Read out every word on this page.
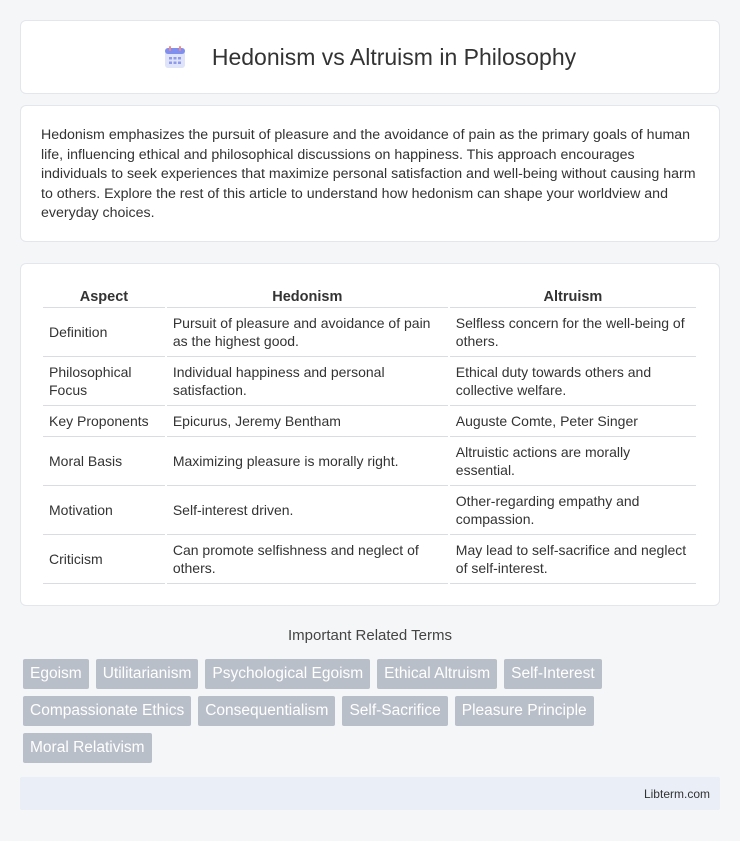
Hedonism vs Altruism in Philosophy

Hedonism emphasizes the pursuit of pleasure and the avoidance of pain as the primary goals of human life, influencing ethical and philosophical discussions on happiness. This approach encourages individuals to seek experiences that maximize personal satisfaction and well-being without causing harm to others. Explore the rest of this article to understand how hedonism can shape your worldview and everyday choices.

Aspect	Hedonism	Altruism
Definition	Pursuit of pleasure and avoidance of pain as the highest good.	Selfless concern for the well-being of others.
Philosophical Focus	Individual happiness and personal satisfaction.	Ethical duty towards others and collective welfare.
Key Proponents	Epicurus, Jeremy Bentham	Auguste Comte, Peter Singer
Moral Basis	Maximizing pleasure is morally right.	Altruistic actions are morally essential.
Motivation	Self-interest driven.	Other-regarding empathy and compassion.
Criticism	Can promote selfishness and neglect of others.	May lead to self-sacrifice and neglect of self-interest.
Important Related Terms
Egoism	Utilitarianism	Psychological Egoism	Ethical Altruism	Self-Interest
Compassionate Ethics	Consequentialism	Self-Sacrifice	Pleasure Principle
Moral Relativism
Libterm.com
